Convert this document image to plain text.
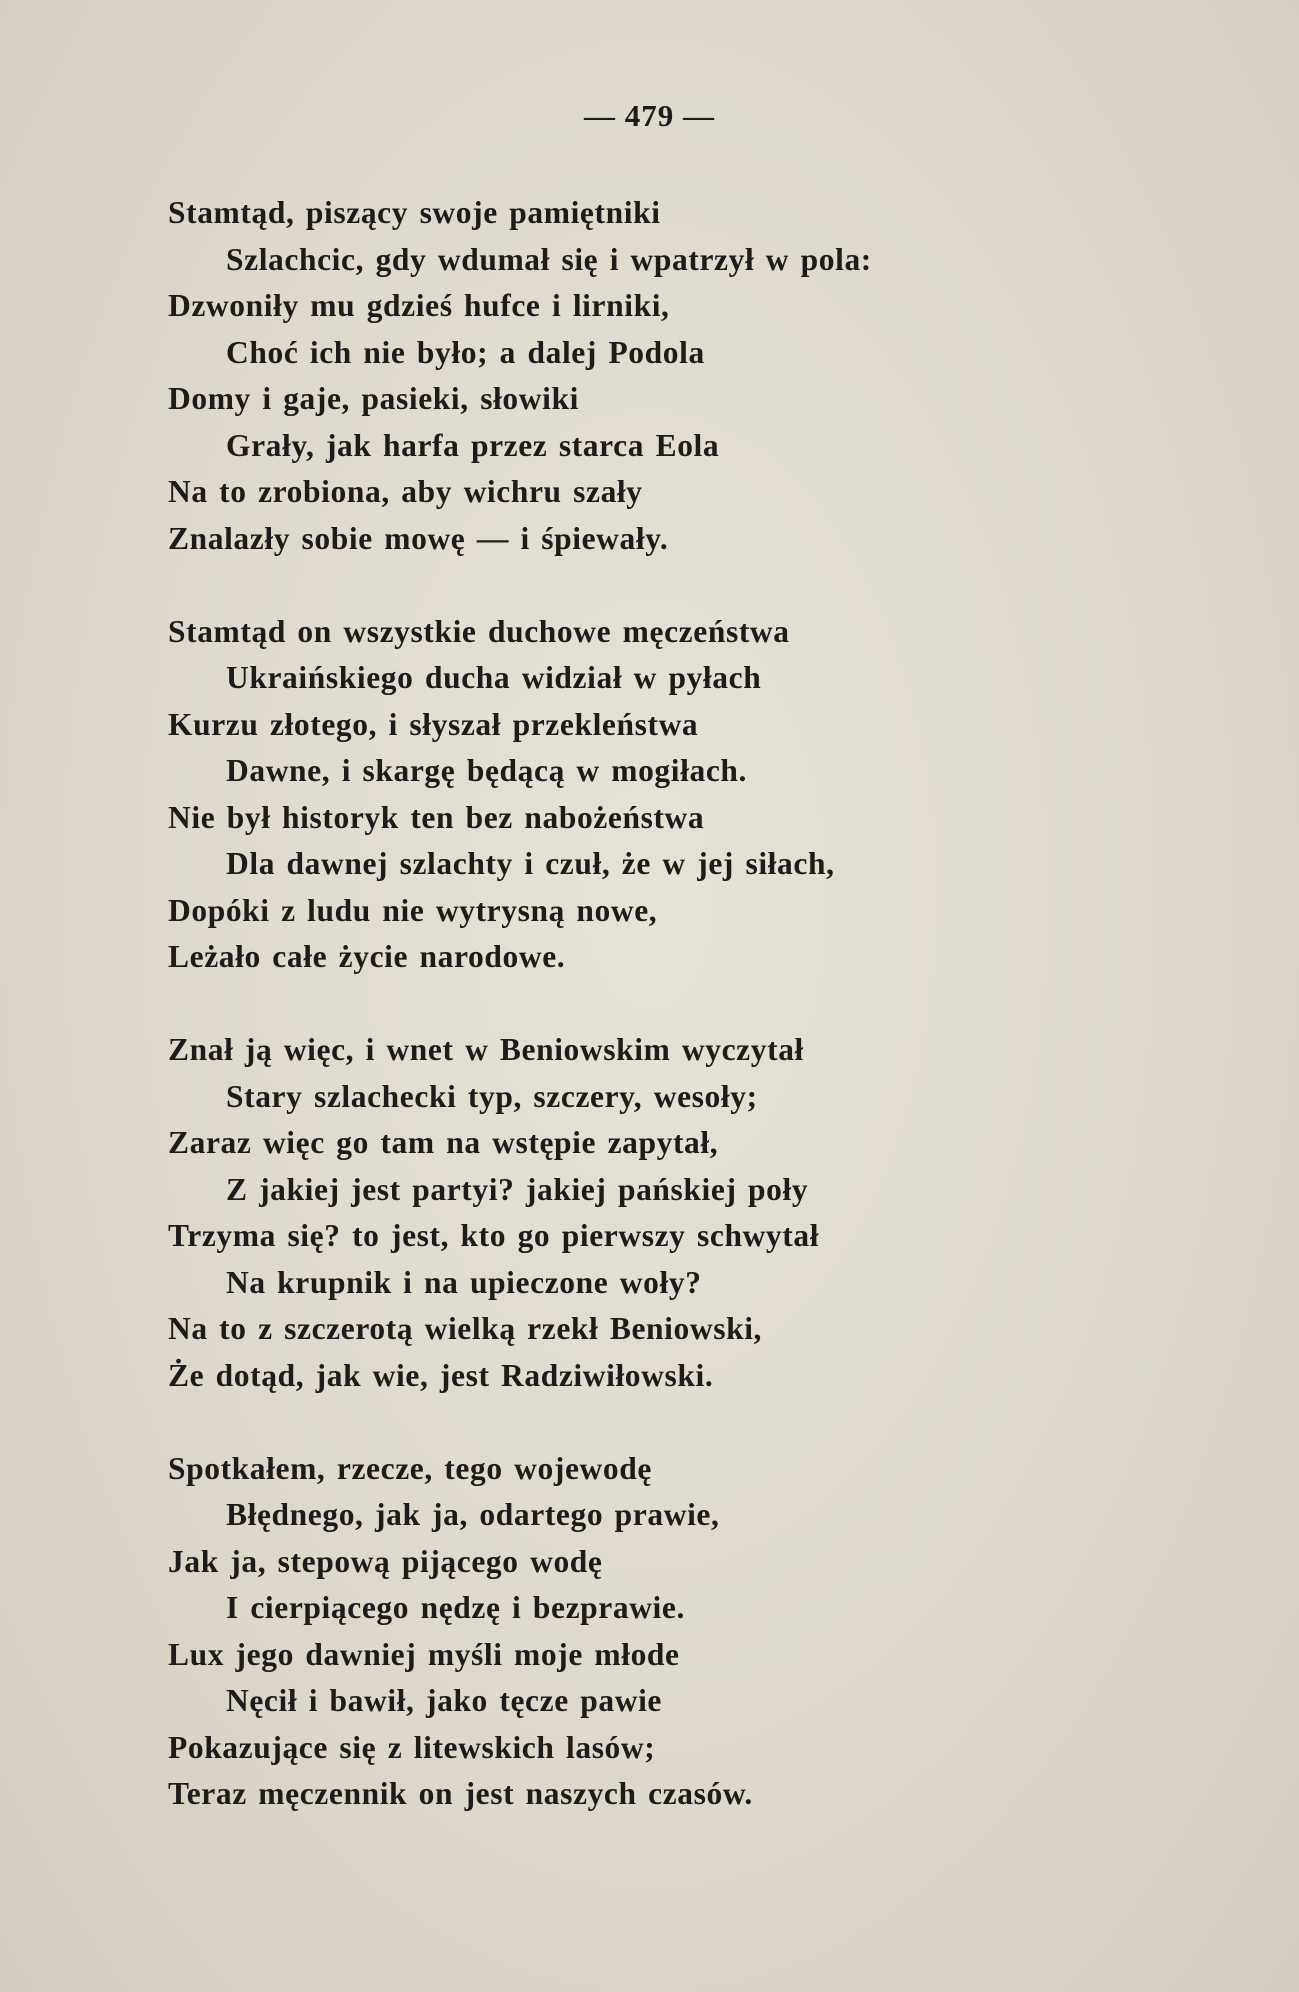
— 479 —
Stamtąd, piszący swoje pamiętniki
Szlachcic, gdy wdumał się i wpatrzył w pola:
Dzwoniły mu gdzieś hufce i lirniki,
Choć ich nie było; a dalej Podola
Domy i gaje, pasieki, słowiki
Grały, jak harfa przez starca Eola
Na to zrobiona, aby wichru szały
Znalazły sobie mowę — i śpiewały.
Stamtąd on wszystkie duchowe męczeństwa
Ukraińskiego ducha widział w pyłach
Kurzu złotego, i słyszał przekleństwa
Dawne, i skargę będącą w mogiłach.
Nie był historyk ten bez nabożeństwa
Dla dawnej szlachty i czuł, że w jej siłach,
Dopóki z ludu nie wytrysną nowe,
Leżało całe życie narodowe.
Znał ją więc, i wnet w Beniowskim wyczytał
Stary szlachecki typ, szczery, wesoły;
Zaraz więc go tam na wstępie zapytał,
Z jakiej jest partyi? jakiej pańskiej poły
Trzyma się? to jest, kto go pierwszy schwytał
Na krupnik i na upieczone woły?
Na to z szczerotą wielką rzekł Beniowski,
Że dotąd, jak wie, jest Radziwiłowski.
Spotkałem, rzecze, tego wojewodę
Błędnego, jak ja, odartego prawie,
Jak ja, stepową pijącego wodę
I cierpiącego nędzę i bezprawie.
Lux jego dawniej myśli moje młode
Nęcił i bawił, jako tęcze pawie
Pokazujące się z litewskich lasów;
Teraz męczennik on jest naszych czasów.
